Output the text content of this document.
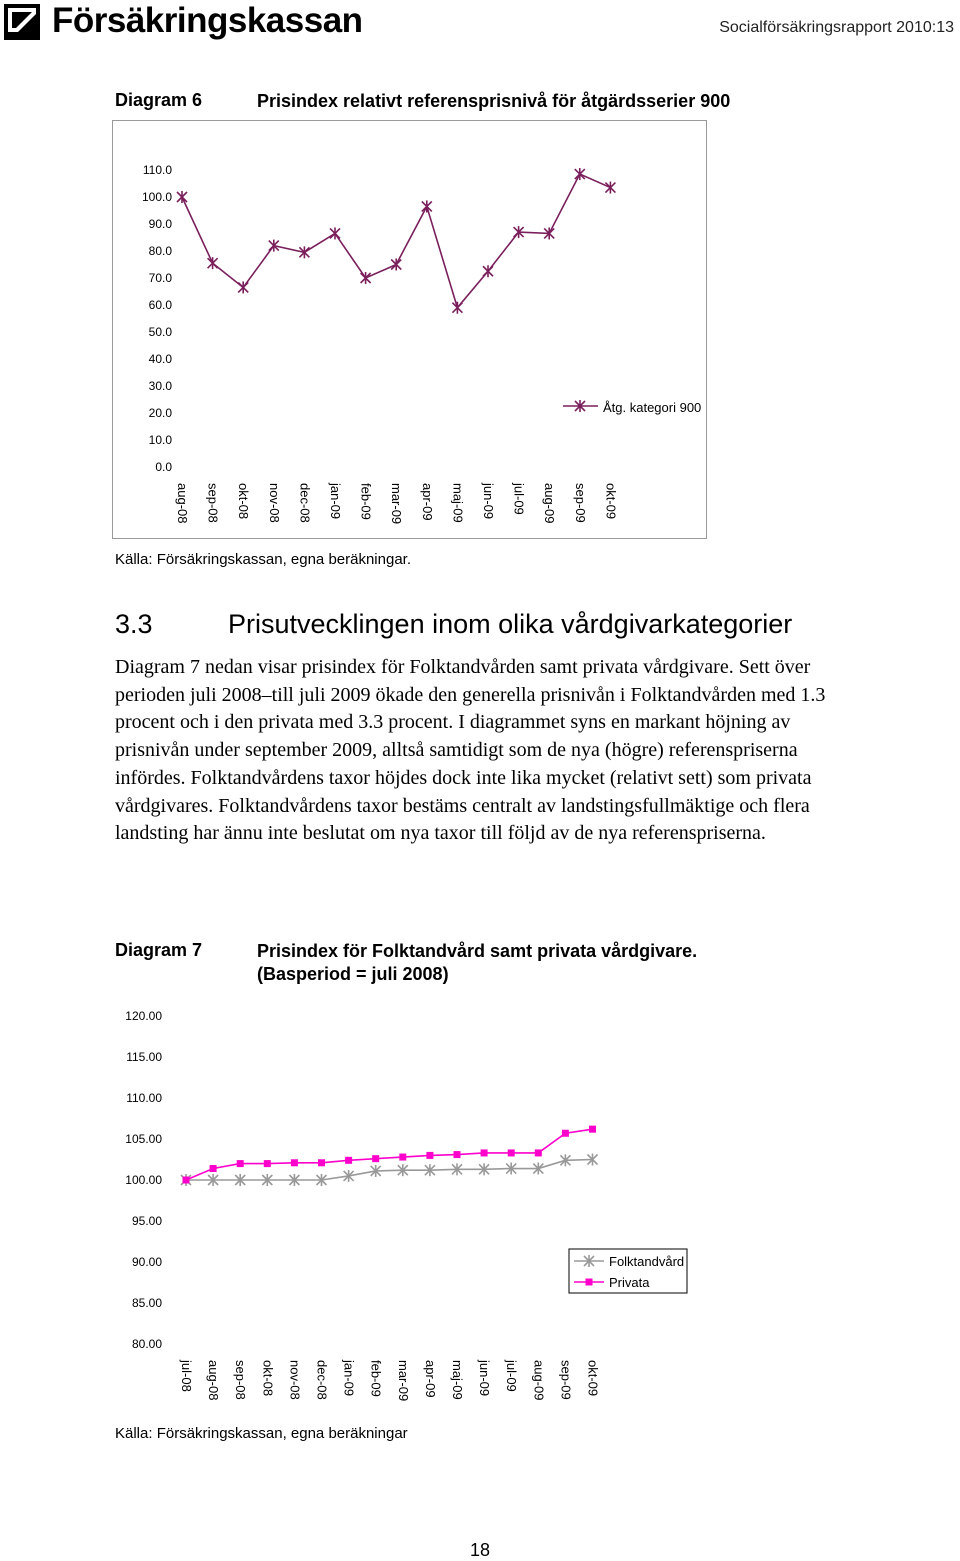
Försäkringskassan	Socialförsäkringsrapport 2010:13
Diagram 6	Prisindex relativt referensprisnivå för åtgärdsserier 900
110.0
100.0
90.0
80.0
70.0
60.0
50.0
40.0
30.0
20.0
10.0
0.0
aug-08 sep-08 okt-08 nov-08 dec-08 jan-09 feb-09 mar-09 apr-09 maj-09 jun-09 jul-09 aug-09 sep-09 okt-09
Åtg. kategori 900
Källa: Försäkringskassan, egna beräkningar.
3.3	Prisutvecklingen inom olika vårdgivarkategorier

Diagram 7 nedan visar prisindex för Folktandvården samt privata vårdgivare. Sett över perioden juli 2008–till juli 2009 ökade den generella prisnivån i Folktandvården med 1.3 procent och i den privata med 3.3 procent. I diagrammet syns en markant höjning av prisnivån under september 2009, alltså samtidigt som de nya (högre) referenspriserna infördes. Folktandvårdens taxor höjdes dock inte lika mycket (relativt sett) som privata vårdgivares. Folktandvårdens taxor bestäms centralt av landstingsfullmäktige och flera landsting har ännu inte beslutat om nya taxor till följd av de nya referenspriserna.

Diagram 7	Prisindex för Folktandvård samt privata vårdgivare.
(Basperiod = juli 2008)
120.00
115.00
110.00
105.00
100.00
95.00
90.00
85.00
80.00
jul-08 aug-08 sep-08 okt-08 nov-08 dec-08 jan-09 feb-09 mar-09 apr-09 maj-09 jun-09 jul-09 aug-09 sep-09 okt-09
Folktandvård
Privata
Källa: Försäkringskassan, egna beräkningar
18
